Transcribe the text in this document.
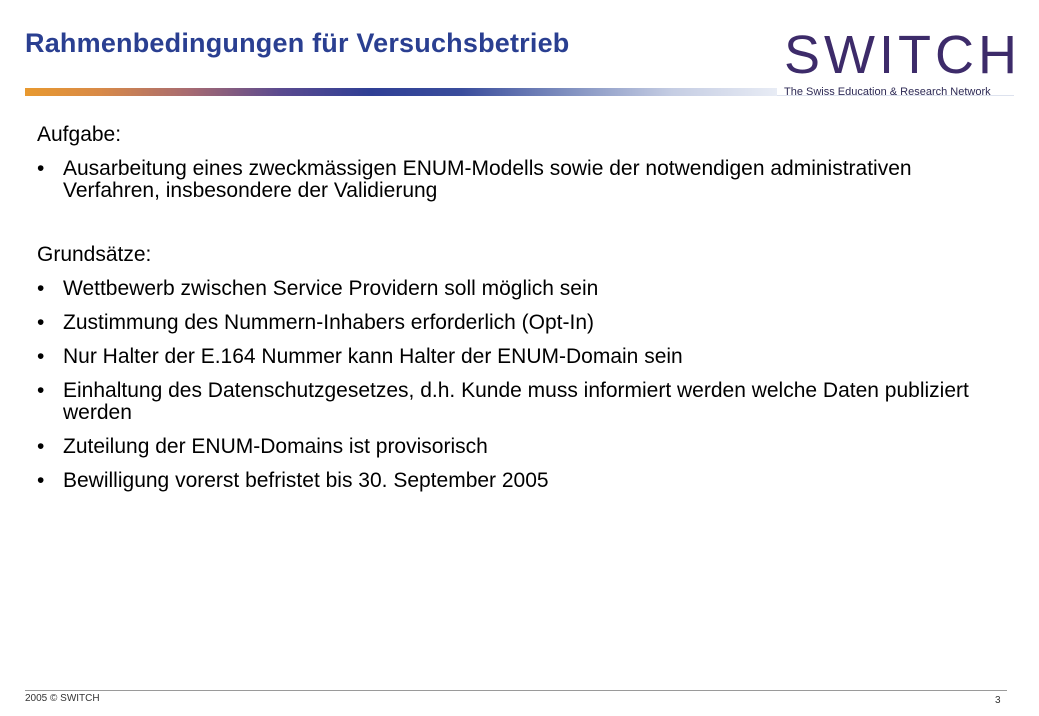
Rahmenbedingungen für Versuchsbetrieb	SWITCH
The Swiss Education & Research Network
Aufgabe:
• Ausarbeitung eines zweckmässigen ENUM-Modells sowie der notwendigen administrativen Verfahren, insbesondere der Validierung
Grundsätze:
• Wettbewerb zwischen Service Providern soll möglich sein
• Zustimmung des Nummern-Inhabers erforderlich (Opt-In)
• Nur Halter der E.164 Nummer kann Halter der ENUM-Domain sein
• Einhaltung des Datenschutzgesetzes, d.h. Kunde muss informiert werden welche Daten publiziert werden
• Zuteilung der ENUM-Domains ist provisorisch
• Bewilligung vorerst befristet bis 30. September 2005
2005 © SWITCH	3
